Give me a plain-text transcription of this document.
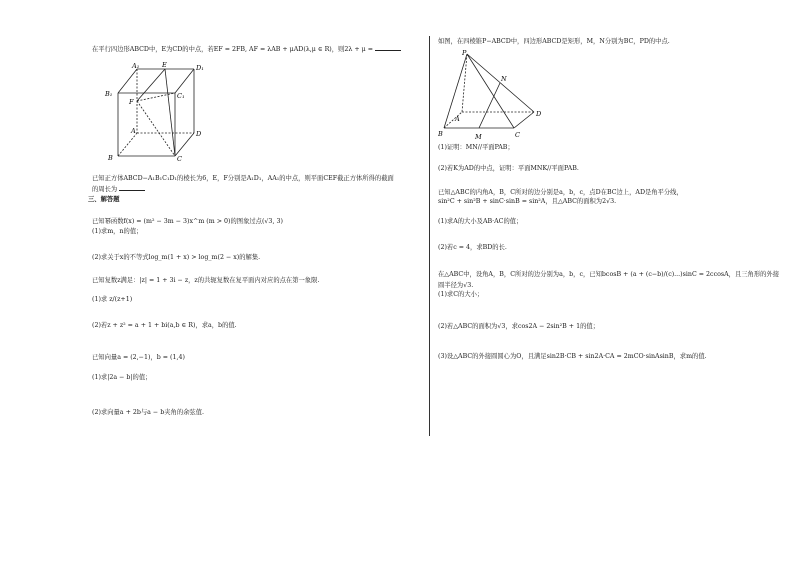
在平行四边形ABCD中，E为CD的中点，若EF = 2FB, AF = λAB + μAD(λ,μ ∈ R)，则2λ + μ =
A₁	E	D₁
B₁	C₁
F
A	D
B	C
已知正方体ABCD−A₁B₁C₁D₁的棱长为6，E，F分别是A₁D₁，AA₁的中点，则平面CEF截正方体所得的截面
的周长为
三、解答题
已知幂函数f(x) = (m² − 3m − 3)x^m (m > 0)的图象过点(√3, 3)
(1)求m，n的值；
(2)求关于x的不等式log_m(1 + x) > log_m(2 − x)的解集.
已知复数z满足：|z| = 1 + 3i − z，z的共轭复数在复平面内对应的点在第一象限.
(1)求 z/(z+1)
(2)若z + z² = a + 1 + bi(a,b ∈ R)，求a，b的值.
已知向量a = (2,−1)，b = (1,4)
(1)求|2a − b|的值；
(2)求向量a + 2b与a − b夹角的余弦值.
如图，在四棱锥P−ABCD中，四边形ABCD是矩形，M，N分别为BC，PD的中点.
P
N
D
A
B	M	C
(1)证明：MN//平面PAB；
(2)若K为AD的中点，证明：平面MNK//平面PAB.
已知△ABC的内角A，B，C所对的边分别是a，b，c，点D在BC边上，AD是角平分线，
sin²C + sin²B + sinC·sinB = sin²A，且△ABC的面积为2√3.
(1)求A的大小及AB·AC的值；
(2)若c = 4，求BD的长.
在△ABC中，设角A，B，C所对的边分别为a，b，c，已知bcosB + (a + (c−b)/(c)...)sinC = 2ccosA，且三角形的外接
圆半径为√3.
(1)求C的大小；
(2)若△ABC的面积为√3，求cos2A − 2sin²B + 1的值；
(3)设△ABC的外接圆圆心为O，且满足sin2B·CB + sin2A·CA = 2mCO·sinAsinB，求m的值.
